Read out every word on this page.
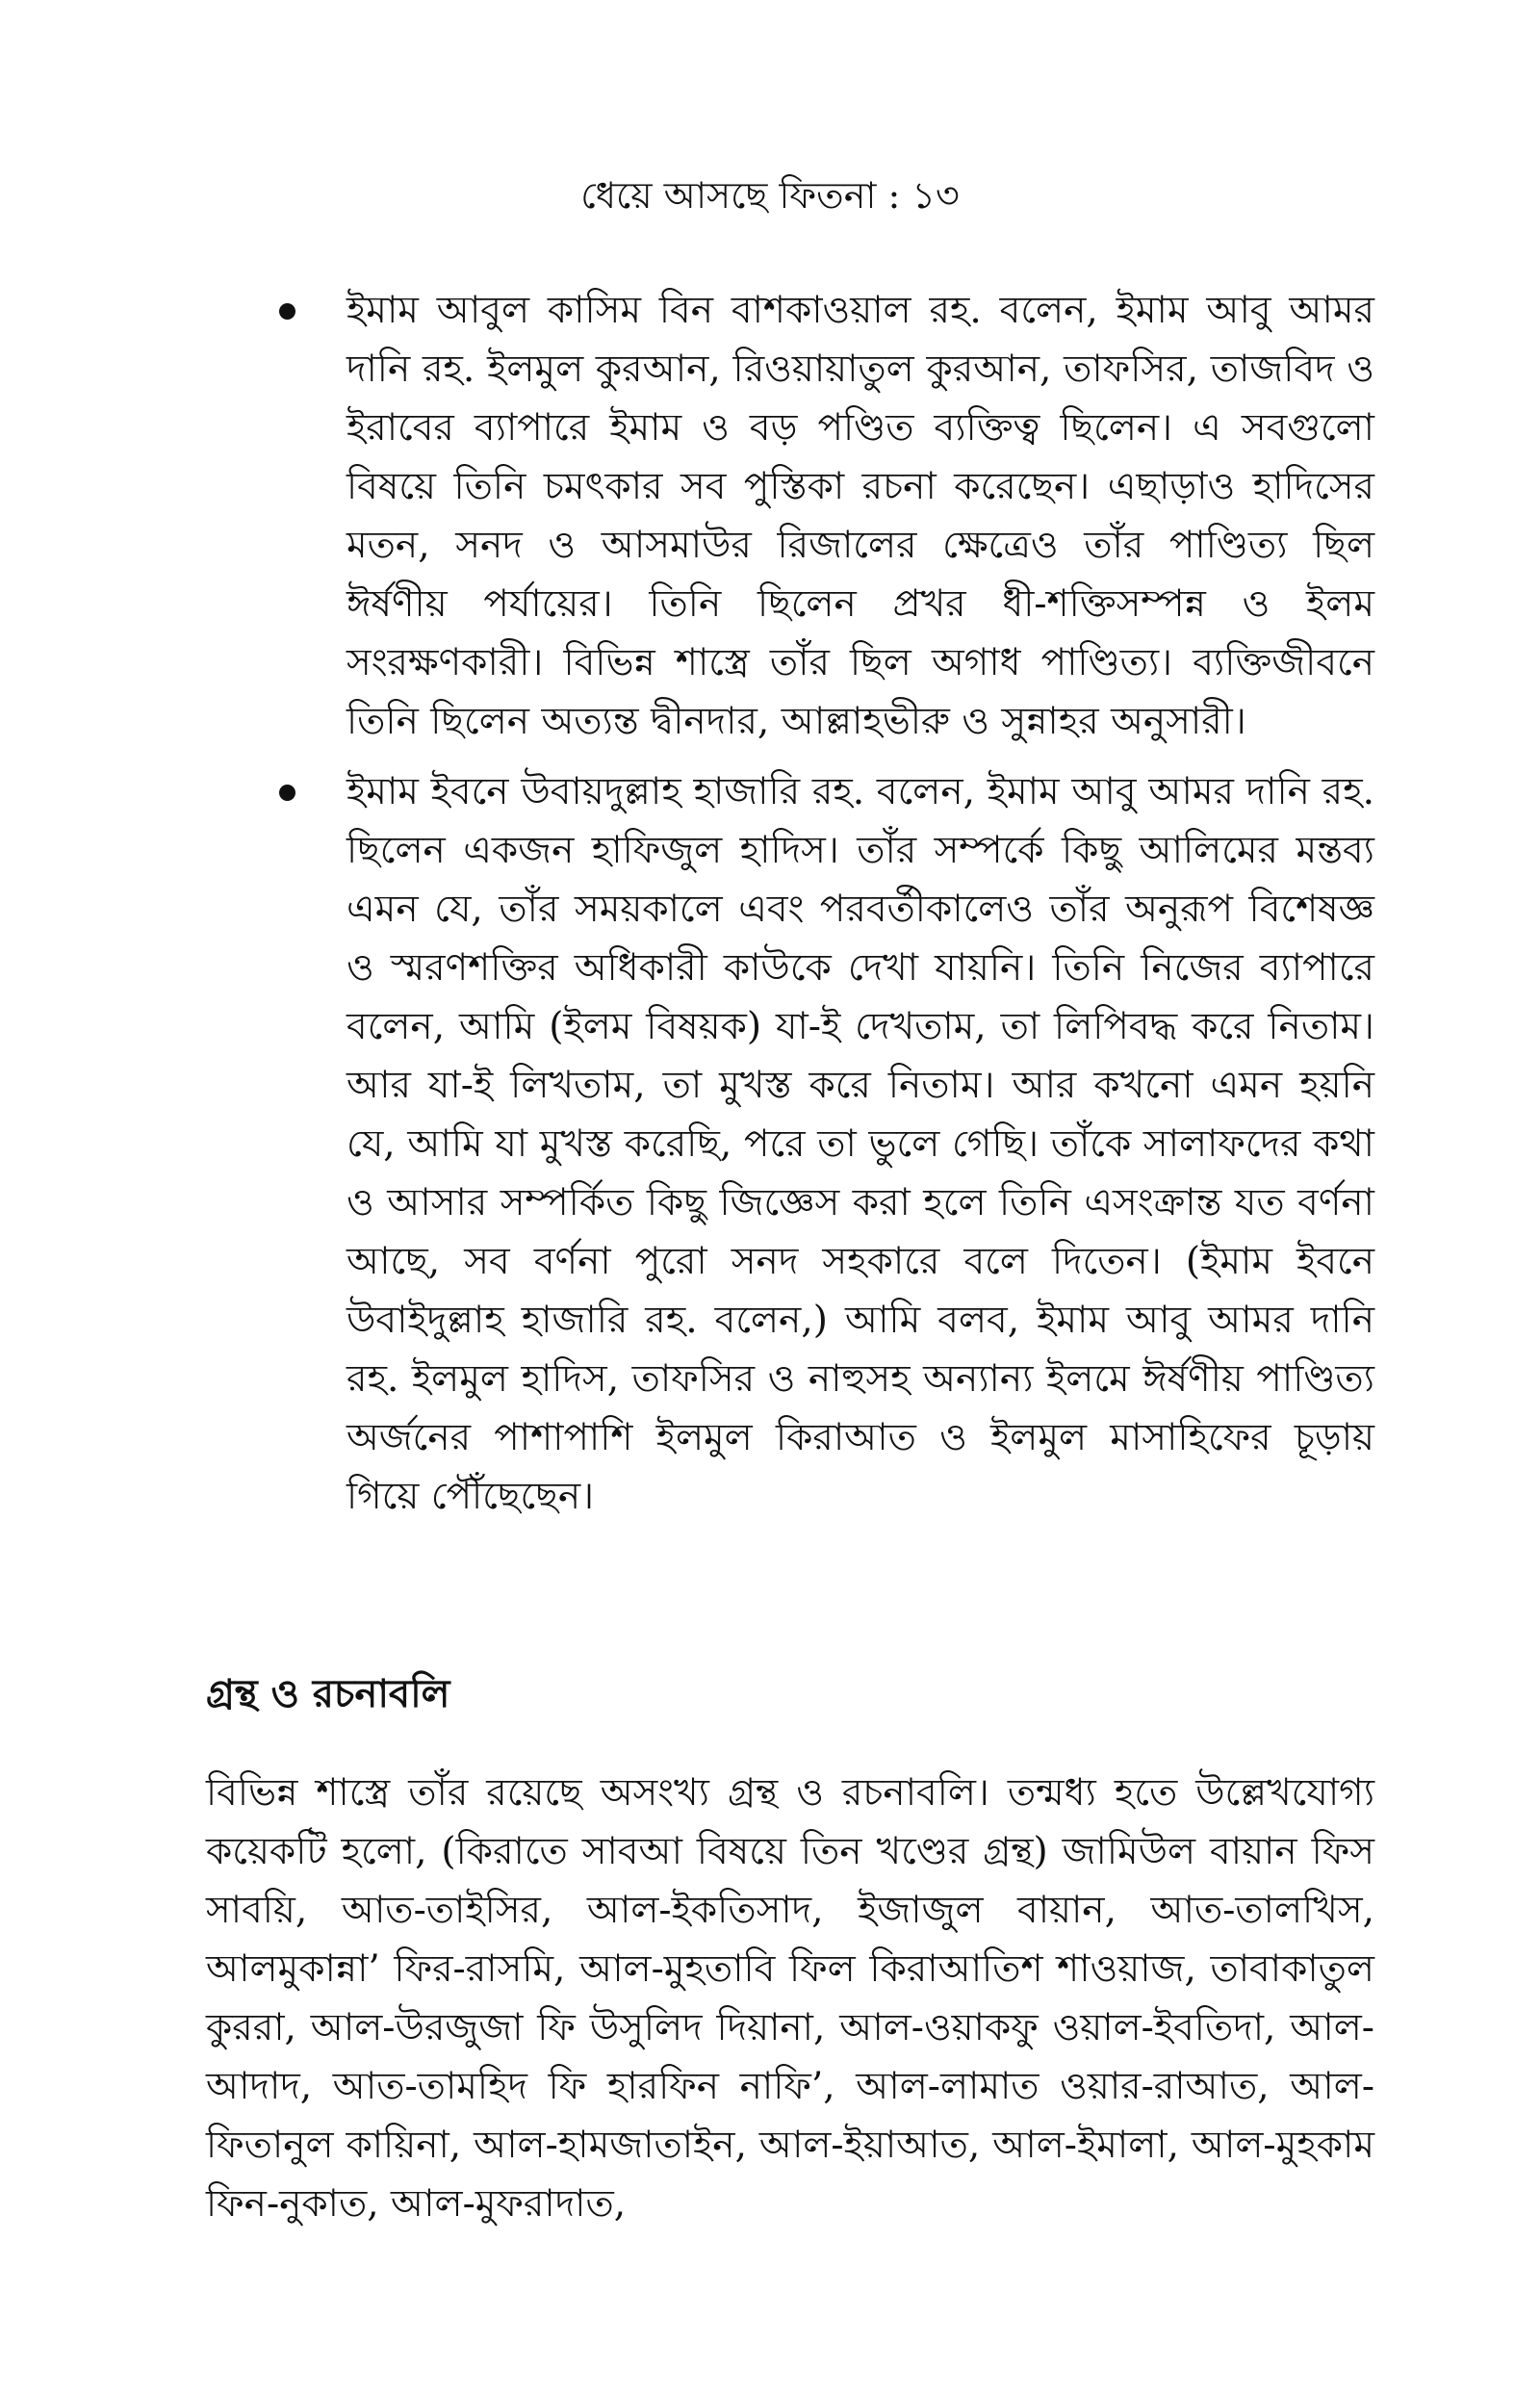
ধেয়ে আসছে ফিতনা : ১৩
ইমাম আবুল কাসিম বিন বাশকাওয়াল রহ. বলেন, ইমাম আবু আমর দানি রহ. ইলমুল কুরআন, রিওয়ায়াতুল কুরআন, তাফসির, তাজবিদ ও ইরাবের ব্যাপারে ইমাম ও বড় পণ্ডিত ব্যক্তিত্ব ছিলেন। এ সবগুলো বিষয়ে তিনি চমৎকার সব পুস্তিকা রচনা করেছেন। এছাড়াও হাদিসের মতন, সনদ ও আসমাউর রিজালের ক্ষেত্রেও তাঁর পাণ্ডিত্য ছিল ঈর্ষণীয় পর্যায়ের। তিনি ছিলেন প্রখর ধী-শক্তিসম্পন্ন ও ইলম সংরক্ষণকারী। বিভিন্ন শাস্ত্রে তাঁর ছিল অগাধ পাণ্ডিত্য। ব্যক্তিজীবনে তিনি ছিলেন অত্যন্ত দ্বীনদার, আল্লাহভীরু ও সুন্নাহর অনুসারী।
ইমাম ইবনে উবায়দুল্লাহ হাজারি রহ. বলেন, ইমাম আবু আমর দানি রহ. ছিলেন একজন হাফিজুল হাদিস। তাঁর সম্পর্কে কিছু আলিমের মন্তব্য এমন যে, তাঁর সময়কালে এবং পরবর্তীকালেও তাঁর অনুরূপ বিশেষজ্ঞ ও স্মরণশক্তির অধিকারী কাউকে দেখা যায়নি। তিনি নিজের ব্যাপারে বলেন, আমি (ইলম বিষয়ক) যা-ই দেখতাম, তা লিপিবদ্ধ করে নিতাম। আর যা-ই লিখতাম, তা মুখস্ত করে নিতাম। আর কখনো এমন হয়নি যে, আমি যা মুখস্ত করেছি, পরে তা ভুলে গেছি। তাঁকে সালাফদের কথা ও আসার সম্পর্কিত কিছু জিজ্ঞেস করা হলে তিনি এসংক্রান্ত যত বর্ণনা আছে, সব বর্ণনা পুরো সনদ সহকারে বলে দিতেন। (ইমাম ইবনে উবাইদুল্লাহ হাজারি রহ. বলেন,) আমি বলব, ইমাম আবু আমর দানি রহ. ইলমুল হাদিস, তাফসির ও নাহুসহ অন্যান্য ইলমে ঈর্ষণীয় পাণ্ডিত্য অর্জনের পাশাপাশি ইলমুল কিরাআত ও ইলমুল মাসাহিফের চূড়ায় গিয়ে পৌঁছেছেন।
গ্রন্থ ও রচনাবলি

বিভিন্ন শাস্ত্রে তাঁর রয়েছে অসংখ্য গ্রন্থ ও রচনাবলি। তন্মধ্য হতে উল্লেখযোগ্য কয়েকটি হলো, (কিরাতে সাবআ বিষয়ে তিন খণ্ডের গ্রন্থ) জামিউল বায়ান ফিস সাবয়ি, আত-তাইসির, আল-ইকতিসাদ, ইজাজুল বায়ান, আত-তালখিস, আলমুকান্না’ ফির-রাসমি, আল-মুহতাবি ফিল কিরাআতিশ শাওয়াজ, তাবাকাতুল কুররা, আল-উরজুজা ফি উসুলিদ দিয়ানা, আল-ওয়াকফু ওয়াল-ইবতিদা, আল-আদাদ, আত-তামহিদ ফি হারফিন নাফি’, আল-লামাত ওয়ার-রাআত, আল-ফিতানুল কায়িনা, আল-হামজাতাইন, আল-ইয়াআত, আল-ইমালা, আল-মুহকাম ফিন-নুকাত, আল-মুফরাদাত,
